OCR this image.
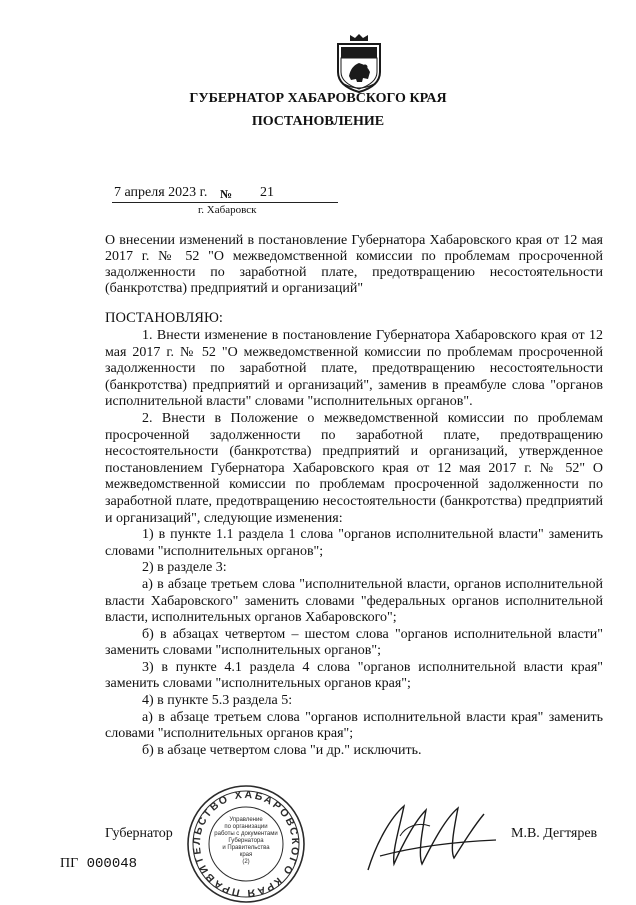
ГУБЕРНАТОР ХАБАРОВСКОГО КРАЯ
ПОСТАНОВЛЕНИЕ
7 апреля 2023 г. № 21
г. Хабаровск
О внесении изменений в постановление Губернатора Хабаровского края от 12 мая 2017 г. № 52 "О межведомственной комиссии по проблемам просроченной задолженности по заработной плате, предотвращению несостоятельности (банкротства) предприятий и организаций"
ПОСТАНОВЛЯЮ:

1. Внести изменение в постановление Губернатора Хабаровского края от 12 мая 2017 г. № 52 "О межведомственной комиссии по проблемам просроченной задолженности по заработной плате, предотвращению несостоятельности (банкротства) предприятий и организаций", заменив в преамбуле слова "органов исполнительной власти" словами "исполнительных органов".

2. Внести в Положение о межведомственной комиссии по проблемам просроченной задолженности по заработной плате, предотвращению несостоятельности (банкротства) предприятий и организаций, утвержденное постановлением Губернатора Хабаровского края от 12 мая 2017 г. № 52" О межведомственной комиссии по проблемам просроченной задолженности по заработной плате, предотвращению несостоятельности (банкротства) предприятий и организаций", следующие изменения:

1) в пункте 1.1 раздела 1 слова "органов исполнительной власти" заменить словами "исполнительных органов";

2) в разделе 3:

а) в абзаце третьем слова "исполнительной власти, органов исполнительной власти Хабаровского" заменить словами "федеральных органов исполнительной власти, исполнительных органов Хабаровского";

б) в абзацах четвертом – шестом слова "органов исполнительной власти" заменить словами "исполнительных органов";

3) в пункте 4.1 раздела 4 слова "органов исполнительной власти края" заменить словами "исполнительных органов края";

4) в пункте 5.3 раздела 5:

а) в абзаце третьем слова "органов исполнительной власти края" заменить словами "исполнительных органов края";

б) в абзаце четвертом слова "и др." исключить.

Губернатор	М.В. Дегтярев
ПГ 000048
ПРАВИТЕЛЬСТВО ХАБАРОВСКОГО КРАЯ
Управление
по организации
работы с документами
Губернатора
и Правительства
края
(2)
